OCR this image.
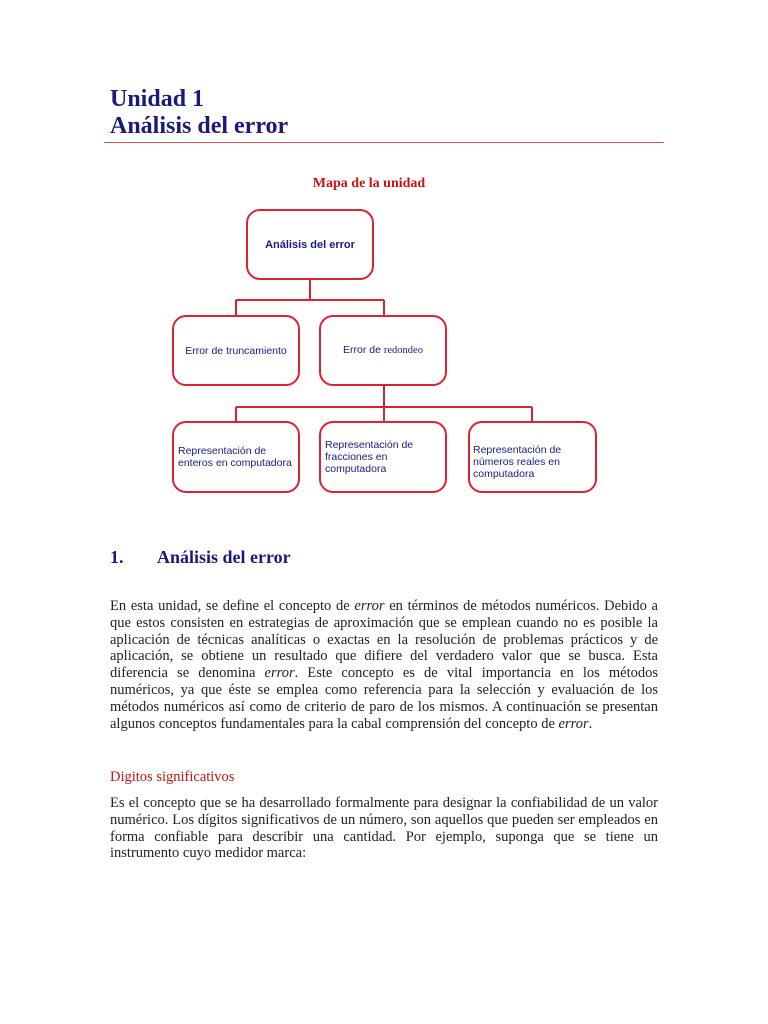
Unidad 1
Análisis del error
Mapa de la unidad
Análisis del error
Error de truncamiento	Error de redondeo
Representación de enteros en computadora
Representación de fracciones en computadora
Representación de números reales en computadora
1. Análisis del error

En esta unidad, se define el concepto de error en términos de métodos numéricos. Debido a que estos consisten en estrategias de aproximación que se emplean cuando no es posible la aplicación de técnicas analíticas o exactas en la resolución de problemas prácticos y de aplicación, se obtiene un resultado que difiere del verdadero valor que se busca. Esta diferencia se denomina error. Este concepto es de vital importancia en los métodos numéricos, ya que éste se emplea como referencia para la selección y evaluación de los métodos numéricos así como de criterio de paro de los mismos. A continuación se presentan algunos conceptos fundamentales para la cabal comprensión del concepto de error.

Digitos significativos

Es el concepto que se ha desarrollado formalmente para designar la confiabilidad de un valor numérico. Los dígitos significativos de un número, son aquellos que pueden ser empleados en forma confiable para describir una cantidad. Por ejemplo, suponga que se tiene un instrumento cuyo medidor marca:
